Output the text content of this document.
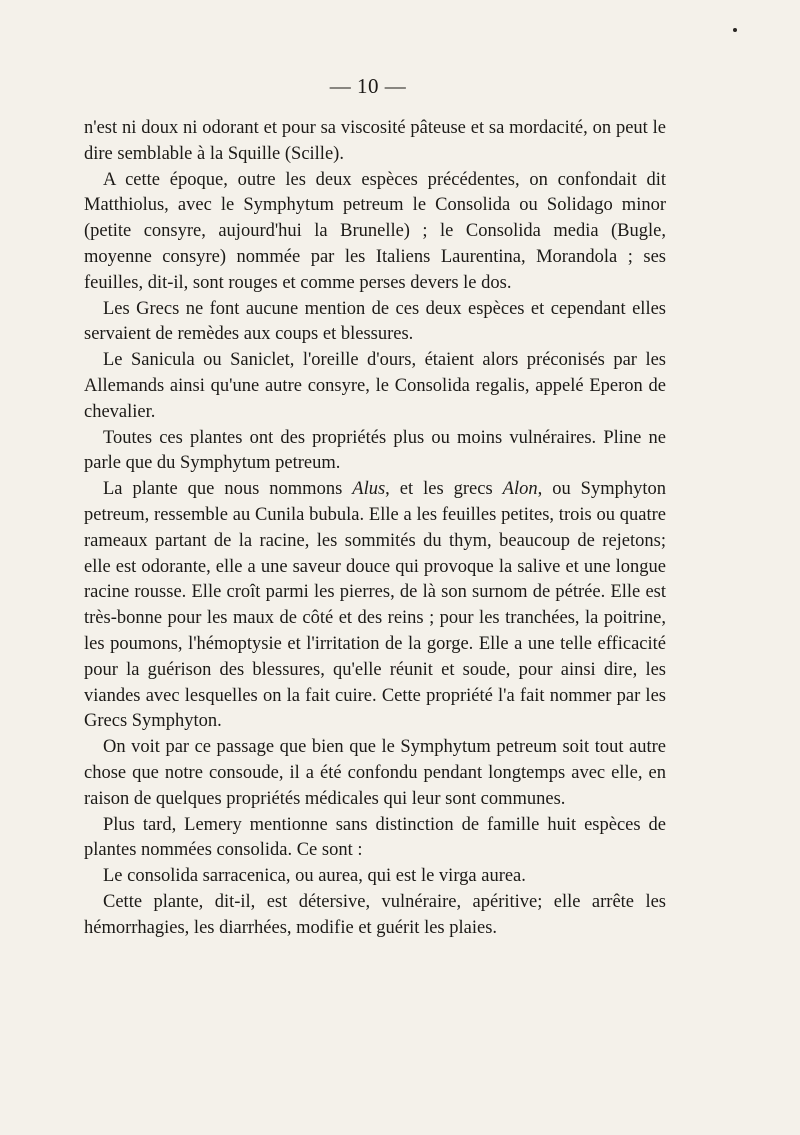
— 10 —

n'est ni doux ni odorant et pour sa viscosité pâteuse et sa mordacité, on peut le dire semblable à la Squille (Scille).

A cette époque, outre les deux espèces précédentes, on confondait dit Matthiolus, avec le Symphytum petreum le Consolida ou Solidago minor (petite consyre, aujourd'hui la Brunelle) ; le Consolida media (Bugle, moyenne consyre) nommée par les Italiens Laurentina, Morandola ; ses feuilles, dit-il, sont rouges et comme perses devers le dos.

Les Grecs ne font aucune mention de ces deux espèces et cependant elles servaient de remèdes aux coups et blessures.

Le Sanicula ou Saniclet, l'oreille d'ours, étaient alors préconisés par les Allemands ainsi qu'une autre consyre, le Consolida regalis, appelé Eperon de chevalier.

Toutes ces plantes ont des propriétés plus ou moins vulnéraires. Pline ne parle que du Symphytum petreum.

La plante que nous nommons Alus, et les grecs Alon, ou Symphyton petreum, ressemble au Cunila bubula. Elle a les feuilles petites, trois ou quatre rameaux partant de la racine, les sommités du thym, beaucoup de rejetons; elle est odorante, elle a une saveur douce qui provoque la salive et une longue racine rousse. Elle croît parmi les pierres, de là son surnom de pétrée. Elle est très-bonne pour les maux de côté et des reins ; pour les tranchées, la poitrine, les poumons, l'hémoptysie et l'irritation de la gorge. Elle a une telle efficacité pour la guérison des blessures, qu'elle réunit et soude, pour ainsi dire, les viandes avec lesquelles on la fait cuire. Cette propriété l'a fait nommer par les Grecs Symphyton.

On voit par ce passage que bien que le Symphytum petreum soit tout autre chose que notre consoude, il a été confondu pendant longtemps avec elle, en raison de quelques propriétés médicales qui leur sont communes.

Plus tard, Lemery mentionne sans distinction de famille huit espèces de plantes nommées consolida. Ce sont :

Le consolida sarracenica, ou aurea, qui est le virga aurea.

Cette plante, dit-il, est détersive, vulnéraire, apéritive; elle arrête les hémorrhagies, les diarrhées, modifie et guérit les plaies.
